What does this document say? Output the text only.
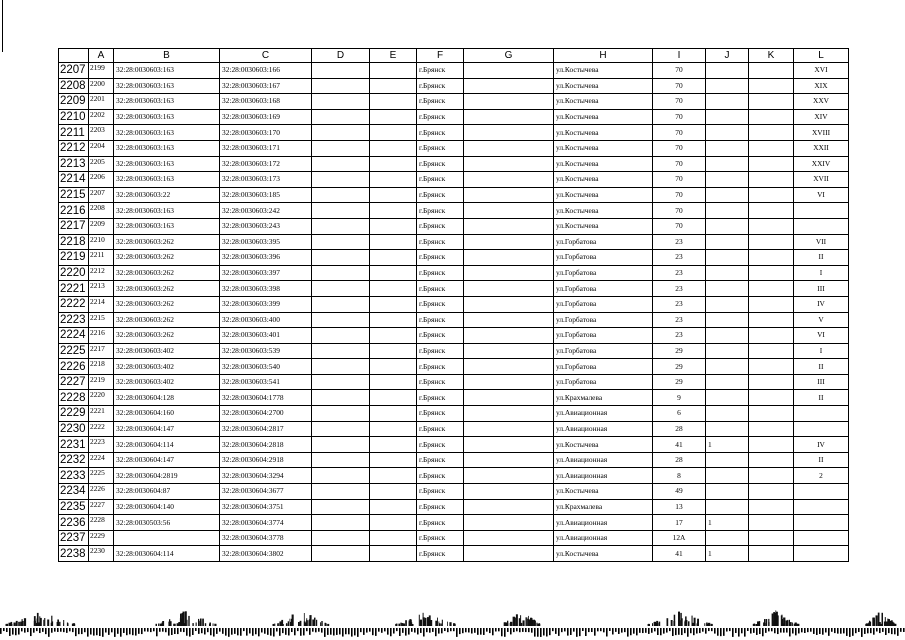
	A	B	C	D	E	F	G	H	I	J	K	L
2207	2199	32:28:0030603:163	32:28:0030603:166			г.Брянск		ул.Костычева	70			XVI
2208	2200	32:28:0030603:163	32:28:0030603:167			г.Брянск		ул.Костычева	70			XIX
2209	2201	32:28:0030603:163	32:28:0030603:168			г.Брянск		ул.Костычева	70			XXV
2210	2202	32:28:0030603:163	32:28:0030603:169			г.Брянск		ул.Костычева	70			XIV
2211	2203	32:28:0030603:163	32:28:0030603:170			г.Брянск		ул.Костычева	70			XVIII
2212	2204	32:28:0030603:163	32:28:0030603:171			г.Брянск		ул.Костычева	70			XXII
2213	2205	32:28:0030603:163	32:28:0030603:172			г.Брянск		ул.Костычева	70			XXIV
2214	2206	32:28:0030603:163	32:28:0030603:173			г.Брянск		ул.Костычева	70			XVII
2215	2207	32:28:0030603:22	32:28:0030603:185			г.Брянск		ул.Костычева	70			VI
2216	2208	32:28:0030603:163	32:28:0030603:242			г.Брянск		ул.Костычева	70			
2217	2209	32:28:0030603:163	32:28:0030603:243			г.Брянск		ул.Костычева	70			
2218	2210	32:28:0030603:262	32:28:0030603:395			г.Брянск		ул.Горбатова	23			VII
2219	2211	32:28:0030603:262	32:28:0030603:396			г.Брянск		ул.Горбатова	23			II
2220	2212	32:28:0030603:262	32:28:0030603:397			г.Брянск		ул.Горбатова	23			I
2221	2213	32:28:0030603:262	32:28:0030603:398			г.Брянск		ул.Горбатова	23			III
2222	2214	32:28:0030603:262	32:28:0030603:399			г.Брянск		ул.Горбатова	23			IV
2223	2215	32:28:0030603:262	32:28:0030603:400			г.Брянск		ул.Горбатова	23			V
2224	2216	32:28:0030603:262	32:28:0030603:401			г.Брянск		ул.Горбатова	23			VI
2225	2217	32:28:0030603:402	32:28:0030603:539			г.Брянск		ул.Горбатова	29			I
2226	2218	32:28:0030603:402	32:28:0030603:540			г.Брянск		ул.Горбатова	29			II
2227	2219	32:28:0030603:402	32:28:0030603:541			г.Брянск		ул.Горбатова	29			III
2228	2220	32:28:0030604:128	32:28:0030604:1778			г.Брянск		ул.Крахмалева	9			II
2229	2221	32:28:0030604:160	32:28:0030604:2700			г.Брянск		ул.Авиационная	6			
2230	2222	32:28:0030604:147	32:28:0030604:2817			г.Брянск		ул.Авиационная	28			
2231	2223	32:28:0030604:114	32:28:0030604:2818			г.Брянск		ул.Костычева	41	1		IV
2232	2224	32:28:0030604:147	32:28:0030604:2918			г.Брянск		ул.Авиационная	28			II
2233	2225	32:28:0030604:2819	32:28:0030604:3294			г.Брянск		ул.Авиационная	8			2
2234	2226	32:28:0030604:87	32:28:0030604:3677			г.Брянск		ул.Костычева	49			
2235	2227	32:28:0030604:140	32:28:0030604:3751			г.Брянск		ул.Крахмалева	13			
2236	2228	32:28:0030503:56	32:28:0030604:3774			г.Брянск		ул.Авиационная	17	1		
2237	2229		32:28:0030604:3778			г.Брянск		ул.Авиационная	12А			
2238	2230	32:28:0030604:114	32:28:0030604:3802			г.Брянск		ул.Костычева	41	1		
